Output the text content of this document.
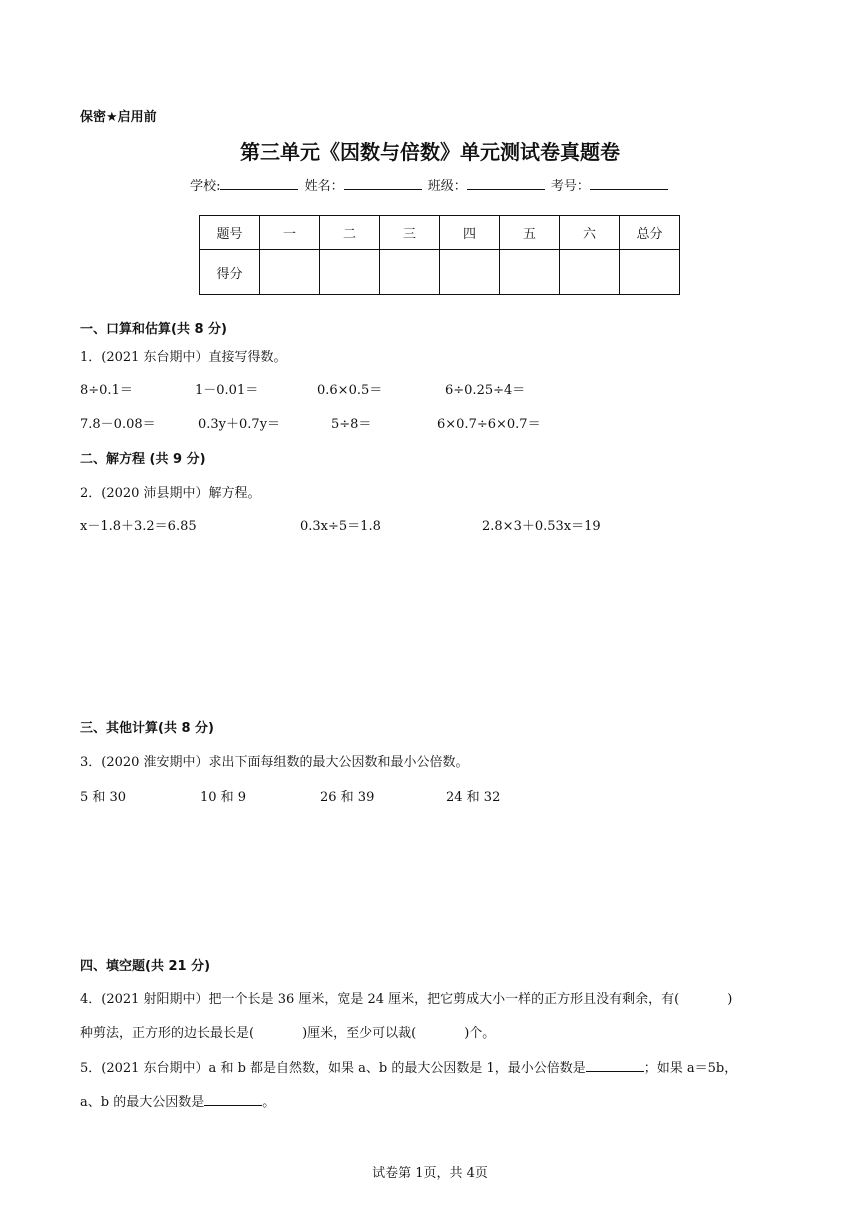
保密★启用前
第三单元《因数与倍数》单元测试卷真题卷
学校:	姓名：	班级：	考号：
题号	一	二	三	四	五	六	总分
得分							
一、口算和估算(共 8 分)
1．(2021 东台期中）直接写得数。
8÷0.1＝	1－0.01＝	0.6×0.5＝	6÷0.25÷4＝
7.8－0.08＝	0.3y＋0.7y＝	5÷8＝	6×0.7÷6×0.7＝
二、解方程 (共 9 分)
2．(2020 沛县期中）解方程。
x－1.8＋3.2＝6.85	0.3x÷5＝1.8	2.8×3＋0.53x＝19
三、其他计算(共 8 分)
3．(2020 淮安期中）求出下面每组数的最大公因数和最小公倍数。
5 和 30	10 和 9	26 和 39	24 和 32
四、填空题(共 21 分)
4．(2021 射阳期中）把一个长是 36 厘米，宽是 24 厘米，把它剪成大小一样的正方形且没有剩余，有(	)
种剪法，正方形的边长最长是(	)厘米，至少可以裁(	)个。
5．(2021 东台期中）a 和 b 都是自然数，如果 a、b 的最大公因数是 1，最小公倍数是	；如果 a＝5b，
a、b 的最大公因数是	。
试卷第 1页，共 4页
